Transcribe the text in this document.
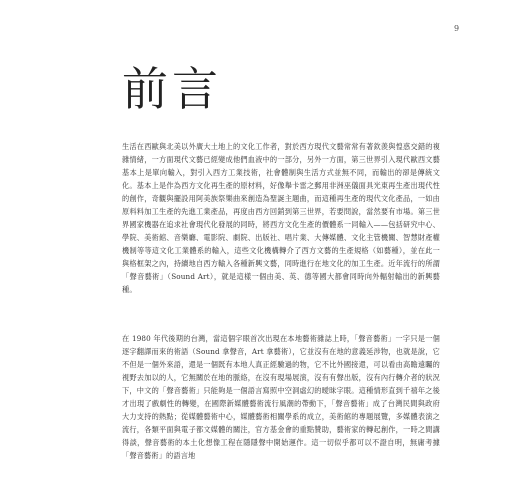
9
前言

生活在西歐與北美以外廣大土地上的文化工作者，對於西方現代文藝常常有著欽羨與惶惑交錯的複雜情緒，一方面現代文藝已經變成他們血液中的一部分，另外一方面，第三世界引入現代歐西文藝基本上是單向輸入，對引入西方工業技術，社會體制與生活方式並無不同，而輸出的卻是傳統文化。基本上是作為西方文化再生產的原材料，好像舉卡雷之郵用非洲巫儀面具光東再生產出現代性的創作，奇觀與擺設用阿美族祭樂曲來創造為聖誕主題曲，而這種再生產的現代文化產品，一如由原料料加工生產的先進工業產品，再度由西方回銷到第三世界，若要問說，當然要有市場。第三世界國家機器在追求社會現代化發展的同時，將西方文化生產的價體系一同輸入——包括研究中心、學院、美術館、音樂廳、電影院、劇院、出版社、唱片業、大傳媒體、文化主管機關、智慧財產權機制等等這文化工業體系的輸入，這些文化機構轉介了西方文藝的生產規格（如藝種），並在此一與格框架之內，持續地自西方輸入各種新興文藝，同時進行在地文化的加工生產。近年流行的所謂「聲音藝術」（Sound Art），就是這樣一個由美、英、德等國大都會同時向外輻射輸出的新興藝種。

在 1980 年代後期的台灣，當這個字眼首次出現在本地藝術雜誌上時，「聲音藝術」一字只是一個逐字翻譯而來的術語（Sound 拿聲音，Art 拿藝術），它並沒有在地的意義延涉物，也就是說，它不但是一個外來語，還是一個既有本地人真正經驗過的物，它不比外國接還，可以看由高瞻遠矚的視野去加以的人，它無關於在地的脈絡，在沒有現場展演，沒有有聲出版，沒有內行轉介者的狀況下，中文的「聲音藝術」只能夠是一個語言寫照中空洞虛幻的曖昧字眼。這種情形直到千禧年之後才出現了戲劇性的轉變，在國際新媒體藝術流行風潮的帶動下，「聲音藝術」成了台灣民間與政府大力支持的熱點；從媒體藝術中心，媒體藝術相關學系的成立，美術館的專題展覽，多媒體表演之流行，各類平面與電子都文媒體的關注，官方基金會的重點贊助，藝術家的轉起創作，一時之間講得談，聲音藝術的本土化想像工程在隱隱聲中開始運作。這一切似乎都可以不證自明，無庸考據「聲音藝術」的語言地
